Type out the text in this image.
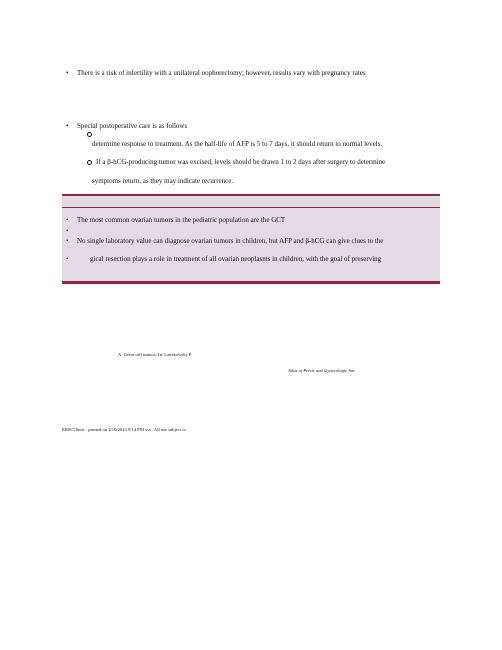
• There is a risk of infertility with a unilateral oophorectomy; however, results vary with pregnancy rates
• Special postoperative care is as follows
determine response to treatment. As the half-life of AFP is 5 to 7 days, it should return to normal levels.
If a β-hCG-producing tumor was excised, levels should be drawn 1 to 2 days after surgery to determine
symptoms return, as they may indicate recurrence.
• The most common ovarian tumors in the pediatric population are the GCT
•
• No single laboratory value can diagnose ovarian tumors in children, but AFP and β-hCG can give clues to the
•	gical resection plays a role in treatment of all ovarian neoplasms in children, with the goal of preserving
A. Germ cell tumors. In: Lanzkowsky P
Atlas of Pelvic and Gynecologic Sur
EBSCOhost - printed on 2/10/2023 9:14 PM via . All use subject to
